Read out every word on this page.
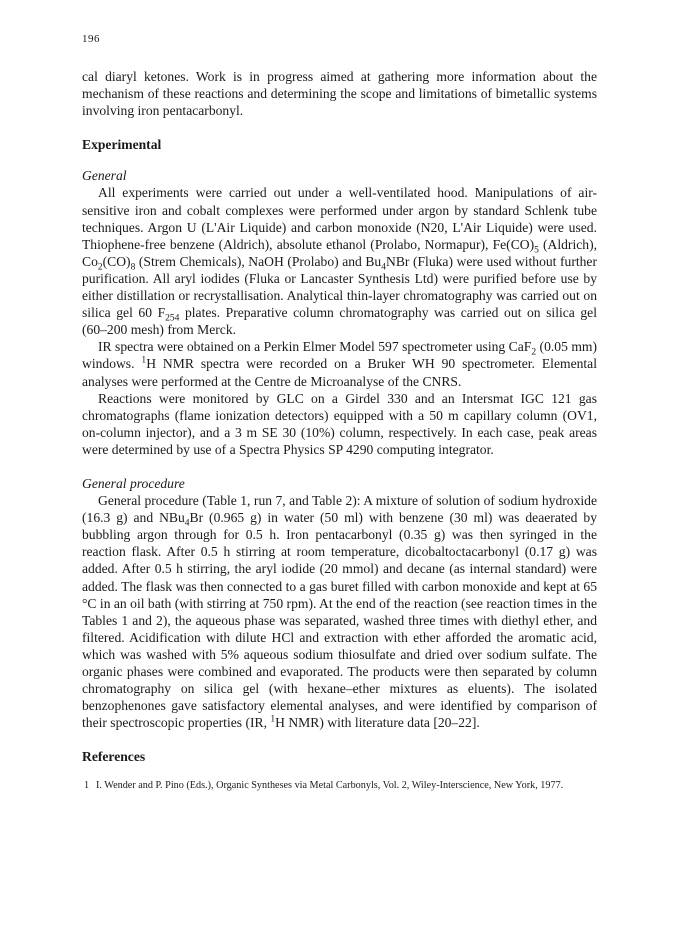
196

cal diaryl ketones. Work is in progress aimed at gathering more information about the mechanism of these reactions and determining the scope and limitations of bimetallic systems involving iron pentacarbonyl.

Experimental
General

All experiments were carried out under a well-ventilated hood. Manipulations of air-sensitive iron and cobalt complexes were performed under argon by standard Schlenk tube techniques. Argon U (L'Air Liquide) and carbon monoxide (N20, L'Air Liquide) were used. Thiophene-free benzene (Aldrich), absolute ethanol (Prolabo, Normapur), $Fe(CO)_5$ (Aldrich), $Co_2(CO)_8$ (Strem Chemicals), NaOH (Prolabo) and $Bu_4NBr$ (Fluka) were used without further purification. All aryl iodides (Fluka or Lancaster Synthesis Ltd) were purified before use by either distillation or recrystallisation. Analytical thin-layer chromatography was carried out on silica gel 60 $F_{254}$ plates. Preparative column chromatography was carried out on silica gel (60–200 mesh) from Merck.

IR spectra were obtained on a Perkin Elmer Model 597 spectrometer using CaF$_2$ (0.05 mm) windows. $^1$H NMR spectra were recorded on a Bruker WH 90 spectrometer. Elemental analyses were performed at the Centre de Microanalyse of the CNRS.

Reactions were monitored by GLC on a Girdel 330 and an Intersmat IGC 121 gas chromatographs (flame ionization detectors) equipped with a 50 m capillary column (OV1, on-column injector), and a 3 m SE 30 (10%) column, respectively. In each case, peak areas were determined by use of a Spectra Physics SP 4290 computing integrator.

General procedure

General procedure (Table 1, run 7, and Table 2): A mixture of solution of sodium hydroxide (16.3 g) and NBu$_4$Br (0.965 g) in water (50 ml) with benzene (30 ml) was deaerated by bubbling argon through for 0.5 h. Iron pentacarbonyl (0.35 g) was then syringed in the reaction flask. After 0.5 h stirring at room temperature, dicobaltoctacarbonyl (0.17 g) was added. After 0.5 h stirring, the aryl iodide (20 mmol) and decane (as internal standard) were added. The flask was then connected to a gas buret filled with carbon monoxide and kept at 65 °C in an oil bath (with stirring at 750 rpm). At the end of the reaction (see reaction times in the Tables 1 and 2), the aqueous phase was separated, washed three times with diethyl ether, and filtered. Acidification with dilute HCl and extraction with ether afforded the aromatic acid, which was washed with 5% aqueous sodium thiosulfate and dried over sodium sulfate. The organic phases were combined and evaporated. The products were then separated by column chromatography on silica gel (with hexane–ether mixtures as eluents). The isolated benzophenones gave satisfactory elemental analyses, and were identified by comparison of their spectroscopic properties (IR, $^1$H NMR) with literature data [20–22].

References
1 I. Wender and P. Pino (Eds.), Organic Syntheses via Metal Carbonyls, Vol. 2, Wiley-Interscience, New York, 1977.
